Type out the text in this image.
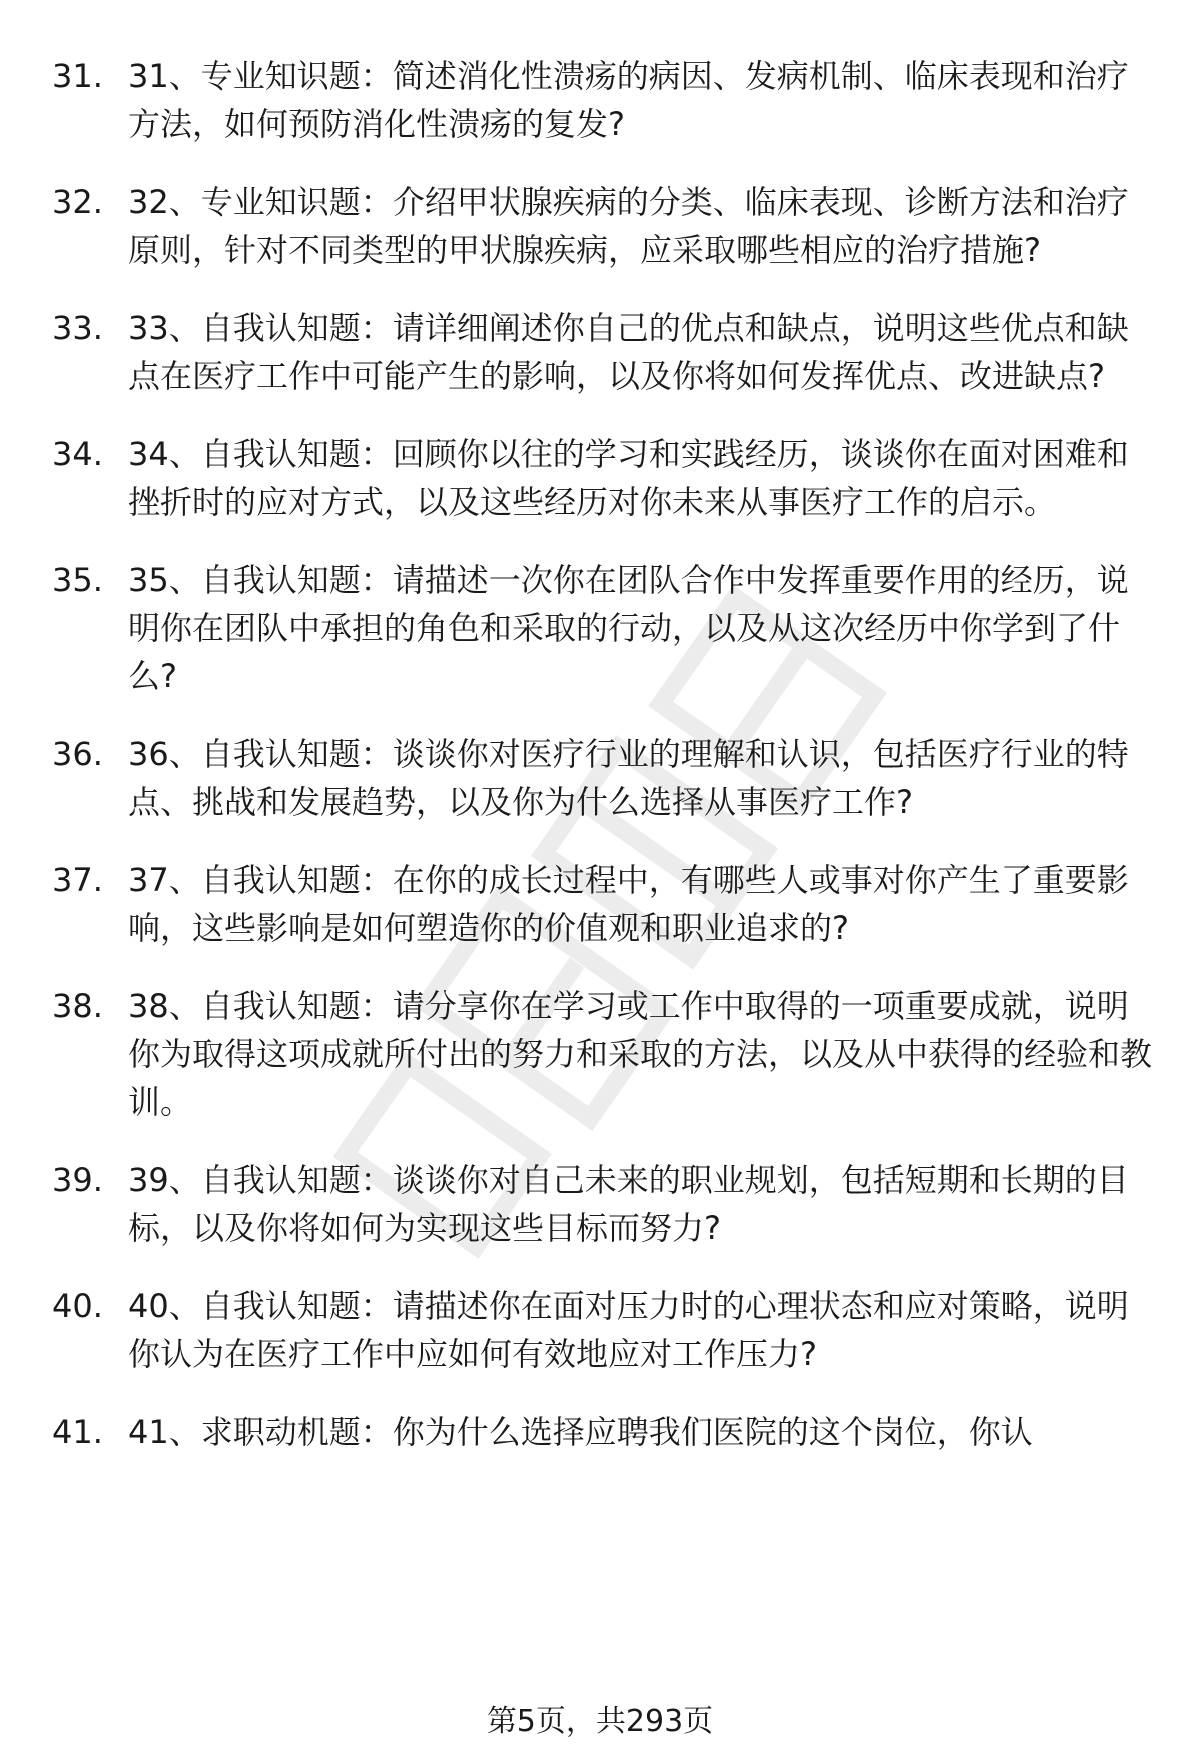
31. 31、专业知识题：简述消化性溃疡的病因、发病机制、临床表现和治疗方法，如何预防消化性溃疡的复发?
32. 32、专业知识题：介绍甲状腺疾病的分类、临床表现、诊断方法和治疗原则，针对不同类型的甲状腺疾病，应采取哪些相应的治疗措施?
33. 33、自我认知题：请详细阐述你自己的优点和缺点，说明这些优点和缺点在医疗工作中可能产生的影响，以及你将如何发挥优点、改进缺点?
34. 34、自我认知题：回顾你以往的学习和实践经历，谈谈你在面对困难和挫折时的应对方式，以及这些经历对你未来从事医疗工作的启示。
35. 35、自我认知题：请描述一次你在团队合作中发挥重要作用的经历，说明你在团队中承担的角色和采取的行动，以及从这次经历中你学到了什么?
36. 36、自我认知题：谈谈你对医疗行业的理解和认识，包括医疗行业的特点、挑战和发展趋势，以及你为什么选择从事医疗工作?
37. 37、自我认知题：在你的成长过程中，有哪些人或事对你产生了重要影响，这些影响是如何塑造你的价值观和职业追求的?
38. 38、自我认知题：请分享你在学习或工作中取得的一项重要成就，说明你为取得这项成就所付出的努力和采取的方法，以及从中获得的经验和教训。
39. 39、自我认知题：谈谈你对自己未来的职业规划，包括短期和长期的目标，以及你将如何为实现这些目标而努力?
40. 40、自我认知题：请描述你在面对压力时的心理状态和应对策略，说明你认为在医疗工作中应如何有效地应对工作压力?
41. 41、求职动机题：你为什么选择应聘我们医院的这个岗位，你认
第5页，共293页
